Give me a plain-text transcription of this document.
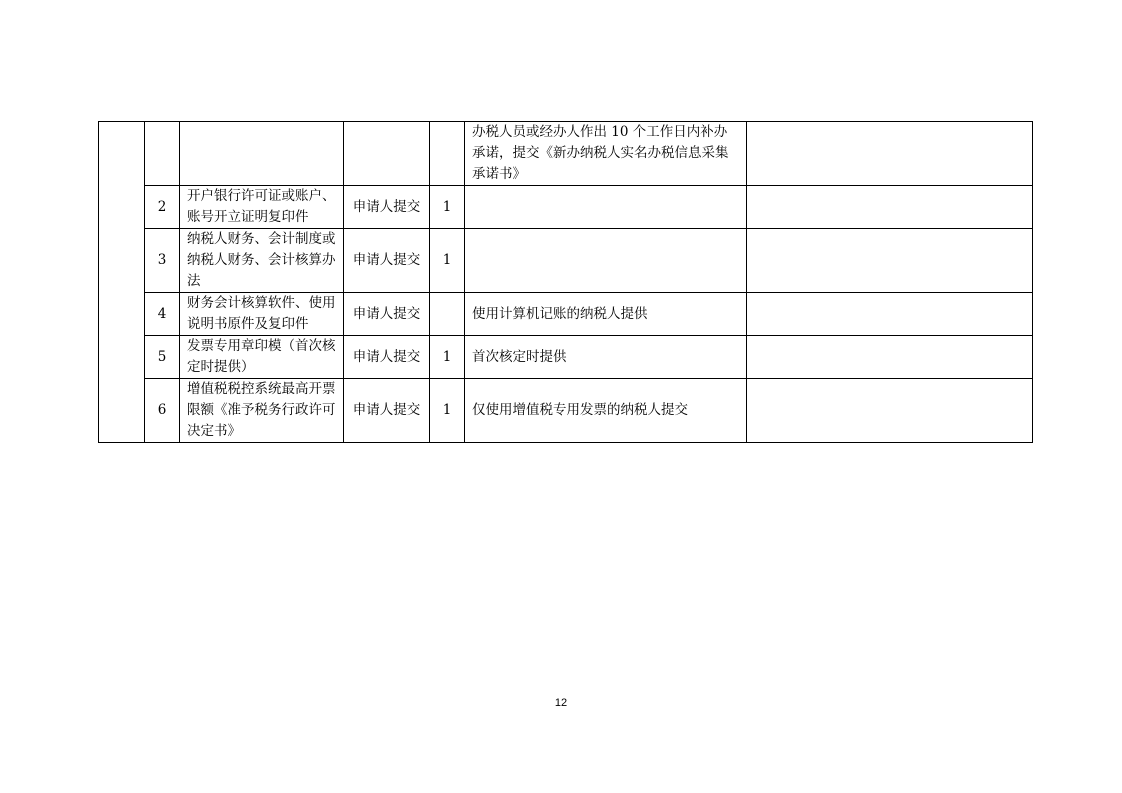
					办税人员或经办人作出 10 个工作日内补办承诺，提交《新办纳税人实名办税信息采集承诺书》	
	2	开户银行许可证或账户、账号开立证明复印件	申请人提交	1		
	3	纳税人财务、会计制度或纳税人财务、会计核算办法	申请人提交	1		
	4	财务会计核算软件、使用说明书原件及复印件	申请人提交		使用计算机记账的纳税人提供	
	5	发票专用章印模（首次核定时提供）	申请人提交	1	首次核定时提供	
	6	增值税税控系统最高开票限额《准予税务行政许可决定书》	申请人提交	1	仅使用增值税专用发票的纳税人提交	
12
